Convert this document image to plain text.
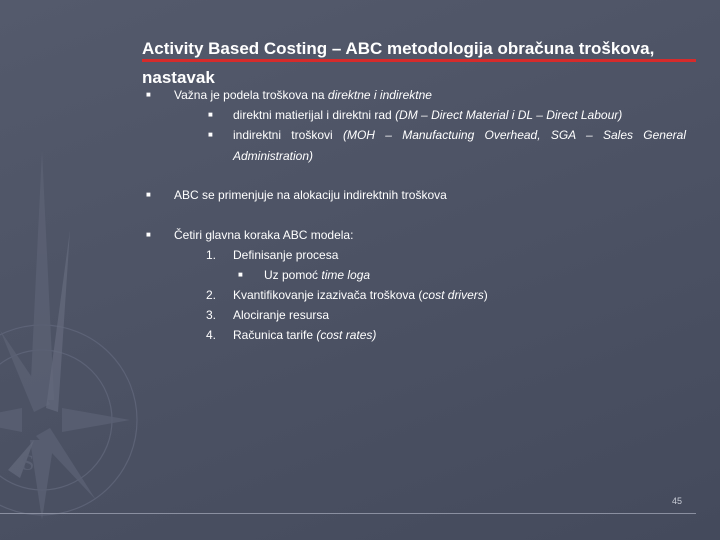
S
Activity Based Costing – ABC metodologija obračuna troškova, nastavak
■ Važna je podela troškova na direktne i indirektne
■ direktni matierijal i direktni rad (DM – Direct Material i DL – Direct Labour)
■ indirektni troškovi (MOH – Manufactuing Overhead, SGA – Sales General
Administration)
■ ABC se primenjuje na alokaciju indirektnih troškova
■ Četiri glavna koraka ABC modela:
1. Definisanje procesa
■ Uz pomoć time loga
2. Kvantifikovanje izazivača troškova (cost drivers)
3. Alociranje resursa
4. Računica tarife (cost rates)
45
